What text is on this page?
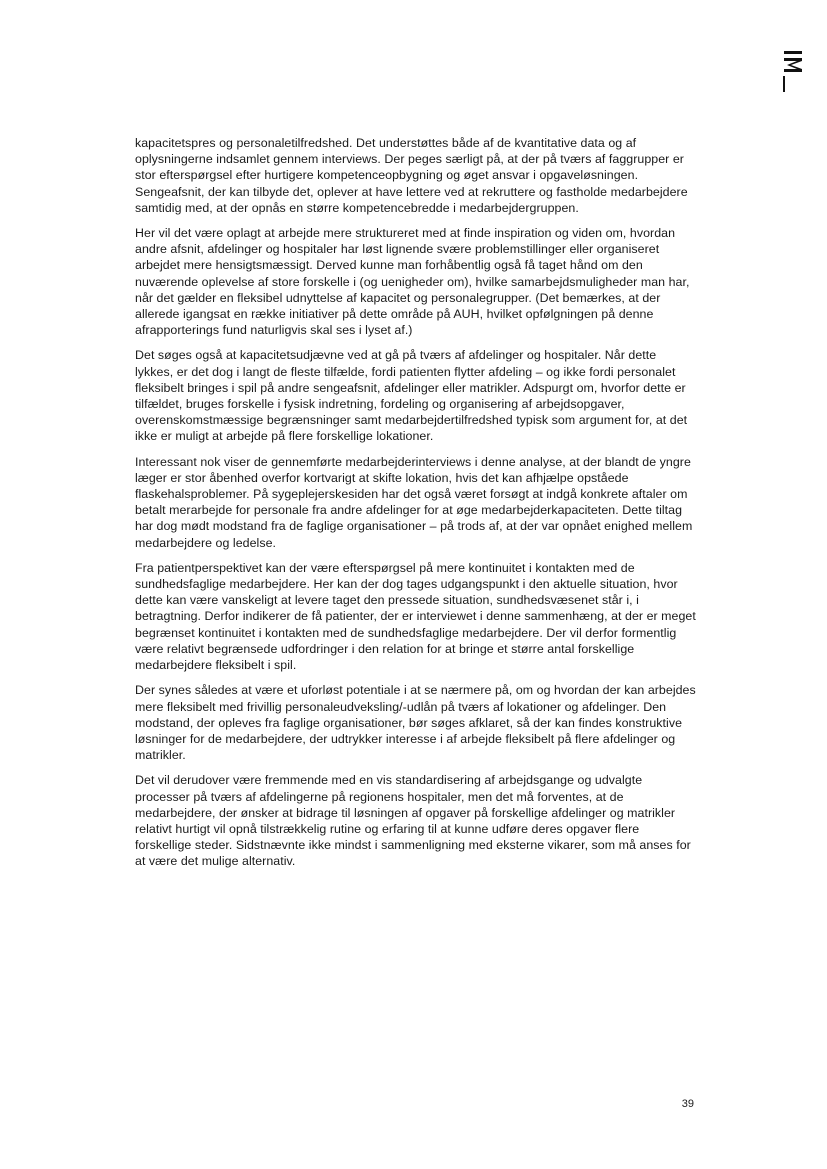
kapacitetspres og personaletilfredshed. Det understøttes både af de kvantitative data og af oplysningerne indsamlet gennem interviews. Der peges særligt på, at der på tværs af faggrupper er stor efterspørgsel efter hurtigere kompetenceopbygning og øget ansvar i opgaveløsningen. Sengeafsnit, der kan tilbyde det, oplever at have lettere ved at rekruttere og fastholde medarbejdere samtidig med, at der opnås en større kompetencebredde i medarbejdergruppen.

Her vil det være oplagt at arbejde mere struktureret med at finde inspiration og viden om, hvordan andre afsnit, afdelinger og hospitaler har løst lignende svære problemstillinger eller organiseret arbejdet mere hensigtsmæssigt. Derved kunne man forhåbentlig også få taget hånd om den nuværende oplevelse af store forskelle i (og uenigheder om), hvilke samarbejdsmuligheder man har, når det gælder en fleksibel udnyttelse af kapacitet og personalegrupper. (Det bemærkes, at der allerede igangsat en række initiativer på dette område på AUH, hvilket opfølgningen på denne afrapporterings fund naturligvis skal ses i lyset af.)

Det søges også at kapacitetsudjævne ved at gå på tværs af afdelinger og hospitaler. Når dette lykkes, er det dog i langt de fleste tilfælde, fordi patienten flytter afdeling – og ikke fordi personalet fleksibelt bringes i spil på andre sengeafsnit, afdelinger eller matrikler. Adspurgt om, hvorfor dette er tilfældet, bruges forskelle i fysisk indretning, fordeling og organisering af arbejdsopgaver, overenskomstmæssige begrænsninger samt medarbejdertilfredshed typisk som argument for, at det ikke er muligt at arbejde på flere forskellige lokationer.

Interessant nok viser de gennemførte medarbejderinterviews i denne analyse, at der blandt de yngre læger er stor åbenhed overfor kortvarigt at skifte lokation, hvis det kan afhjælpe opståede flaskehalsproblemer. På sygeplejerskesiden har det også været forsøgt at indgå konkrete aftaler om betalt merarbejde for personale fra andre afdelinger for at øge medarbejderkapaciteten. Dette tiltag har dog mødt modstand fra de faglige organisationer – på trods af, at der var opnået enighed mellem medarbejdere og ledelse.

Fra patientperspektivet kan der være efterspørgsel på mere kontinuitet i kontakten med de sundhedsfaglige medarbejdere. Her kan der dog tages udgangspunkt i den aktuelle situation, hvor dette kan være vanskeligt at levere taget den pressede situation, sundhedsvæsenet står i, i betragtning. Derfor indikerer de få patienter, der er interviewet i denne sammenhæng, at der er meget begrænset kontinuitet i kontakten med de sundhedsfaglige medarbejdere. Der vil derfor formentlig være relativt begrænsede udfordringer i den relation for at bringe et større antal forskellige medarbejdere fleksibelt i spil.

Der synes således at være et uforløst potentiale i at se nærmere på, om og hvordan der kan arbejdes mere fleksibelt med frivillig personaleudveksling/-udlån på tværs af lokationer og afdelinger. Den modstand, der opleves fra faglige organisationer, bør søges afklaret, så der kan findes konstruktive løsninger for de medarbejdere, der udtrykker interesse i af arbejde fleksibelt på flere afdelinger og matrikler.

Det vil derudover være fremmende med en vis standardisering af arbejdsgange og udvalgte processer på tværs af afdelingerne på regionens hospitaler, men det må forventes, at de medarbejdere, der ønsker at bidrage til løsningen af opgaver på forskellige afdelinger og matrikler relativt hurtigt vil opnå tilstrækkelig rutine og erfaring til at kunne udføre deres opgaver flere forskellige steder. Sidstnævnte ikke mindst i sammenligning med eksterne vikarer, som må anses for at være det mulige alternativ.

39
